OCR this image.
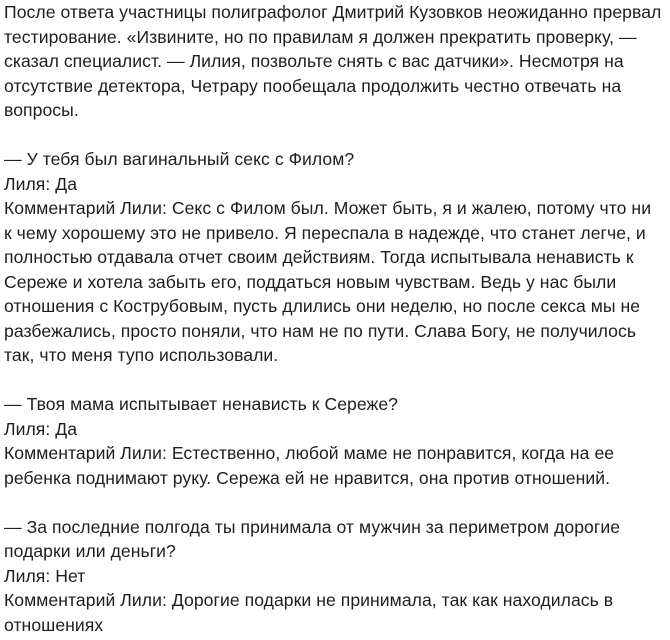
После ответа участницы полиграфолог Дмитрий Кузовков неожиданно прервал тестирование. «Извините, но по правилам я должен прекратить проверку, — сказал специалист. — Лилия, позвольте снять с вас датчики». Несмотря на отсутствие детектора, Четрару пообещала продолжить честно отвечать на вопросы.

— У тебя был вагинальный секс с Филом?
Лиля: Да
Комментарий Лили: Секс с Филом был. Может быть, я и жалею, потому что ни к чему хорошему это не привело. Я переспала в надежде, что станет легче, и полностью отдавала отчет своим действиям. Тогда испытывала ненависть к Сереже и хотела забыть его, поддаться новым чувствам. Ведь у нас были отношения с Кострубовым, пусть длились они неделю, но после секса мы не разбежались, просто поняли, что нам не по пути. Слава Богу, не получилось так, что меня тупо использовали.
— Твоя мама испытывает ненависть к Сереже?
Лиля: Да
Комментарий Лили: Естественно, любой маме не понравится, когда на ее ребенка поднимают руку. Сережа ей не нравится, она против отношений.
— За последние полгода ты принимала от мужчин за периметром дорогие подарки или деньги?
Лиля: Нет
Комментарий Лили: Дорогие подарки не принимала, так как находилась в отношениях
